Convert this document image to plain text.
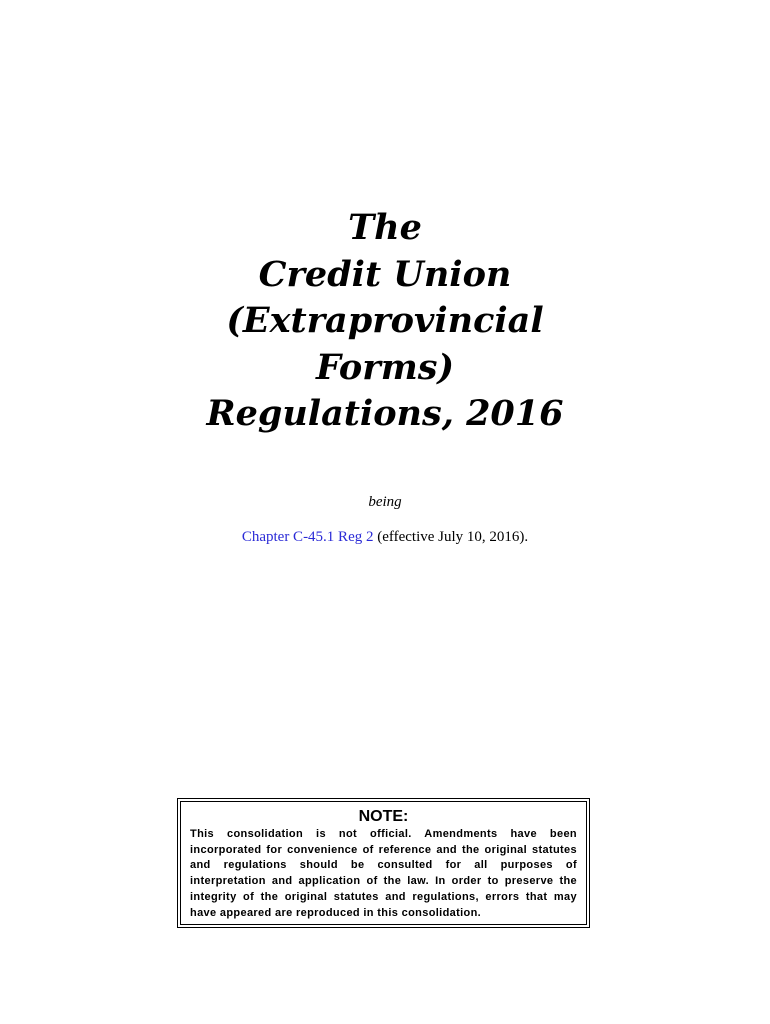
The
Credit Union
(Extraprovincial
Forms)
Regulations, 2016
being
Chapter C-45.1 Reg 2 (effective July 10, 2016).
NOTE:
This consolidation is not official. Amendments have been incorporated for convenience of reference and the original statutes and regulations should be consulted for all purposes of interpretation and application of the law. In order to preserve the integrity of the original statutes and regulations, errors that may have appeared are reproduced in this consolidation.
